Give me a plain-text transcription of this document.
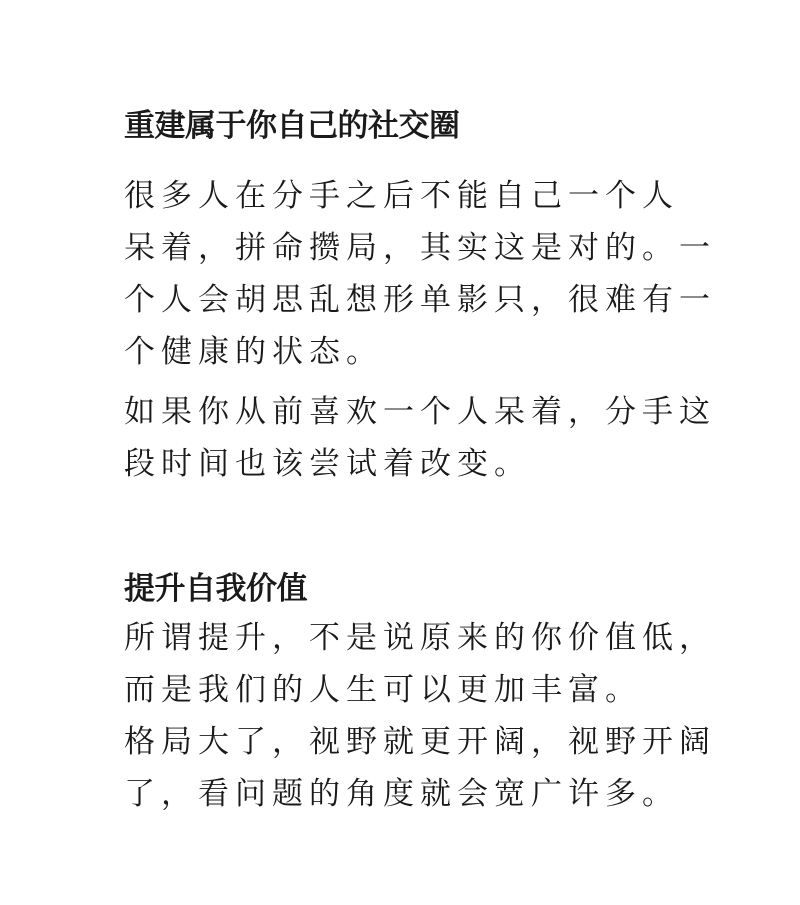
重建属于你自己的社交圈

很多人在分手之后不能自己一个人
呆着，拼命攒局，其实这是对的。一
个人会胡思乱想形单影只，很难有一
个健康的状态。

如果你从前喜欢一个人呆着，分手这
段时间也该尝试着改变。

提升自我价值

所谓提升，不是说原来的你价值低，
而是我们的人生可以更加丰富。
格局大了，视野就更开阔，视野开阔
了，看问题的角度就会宽广许多。
